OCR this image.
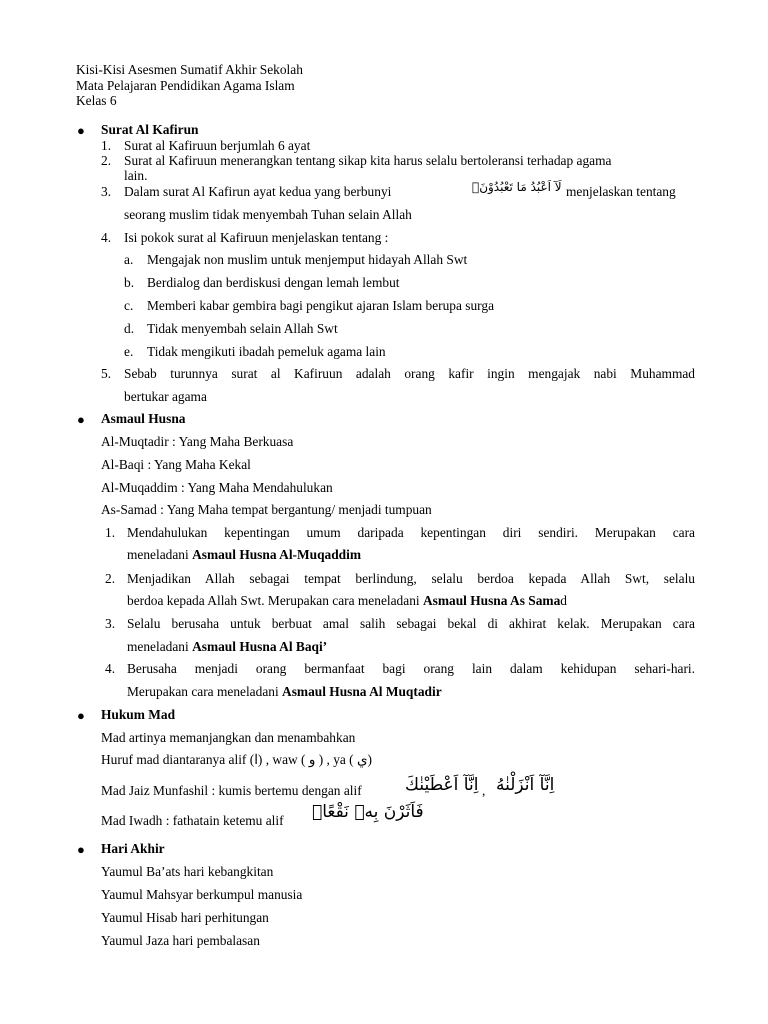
Kisi-Kisi Asesmen Sumatif Akhir Sekolah
Mata Pelajaran Pendidikan Agama Islam
Kelas 6
● Surat Al Kafirun
1. Surat al Kafiruun berjumlah 6 ayat
2. Surat al Kafiruun menerangkan tentang sikap kita harus selalu bertoleransi terhadap agama
lain.
3. Dalam surat Al Kafirun ayat kedua yang berbunyi	لَآ اَعْبُدُ مَا تَعْبُدُوْنَۙ menjelaskan tentang
seorang muslim tidak menyembah Tuhan selain Allah
4. Isi pokok surat al Kafiruun menjelaskan tentang :
a. Mengajak non muslim untuk menjemput hidayah Allah Swt
b. Berdialog dan berdiskusi dengan lemah lembut
c. Memberi kabar gembira bagi pengikut ajaran Islam berupa surga
d. Tidak menyembah selain Allah Swt
e. Tidak mengikuti ibadah pemeluk agama lain
5. Sebab turunnya surat al Kafiruun adalah orang kafir ingin mengajak nabi Muhammad
bertukar agama
● Asmaul Husna
Al-Muqtadir : Yang Maha Berkuasa
Al-Baqi : Yang Maha Kekal
Al-Muqaddim : Yang Maha Mendahulukan
As-Samad : Yang Maha tempat bergantung/ menjadi tumpuan
1. Mendahulukan kepentingan umum daripada kepentingan diri sendiri. Merupakan cara
meneladani Asmaul Husna Al-Muqaddim
2. Menjadikan Allah sebagai tempat berlindung, selalu berdoa kepada Allah Swt, selalu
berdoa kepada Allah Swt. Merupakan cara meneladani Asmaul Husna As Samad
3. Selalu berusaha untuk berbuat amal salih sebagai bekal di akhirat kelak. Merupakan cara
meneladani Asmaul Husna Al Baqi’
4. Berusaha menjadi orang bermanfaat bagi orang lain dalam kehidupan sehari-hari.
Merupakan cara meneladani Asmaul Husna Al Muqtadir
● Hukum Mad
Mad artinya memanjangkan dan menambahkan
Huruf mad diantaranya alif (ا) , waw ( و ) , ya ( ي)
Mad Jaiz Munfashil : kumis bertemu dengan alif	اِنَّآ اَعْطَيْنٰكَ , اِنَّآ اَنْزَلْنٰهُ
Mad Iwadh : fathatain ketemu alif فَاَثَرْنَ بِهٖ نَقْعًاۙ
● Hari Akhir
Yaumul Ba’ats hari kebangkitan
Yaumul Mahsyar berkumpul manusia
Yaumul Hisab hari perhitungan
Yaumul Jaza hari pembalasan
